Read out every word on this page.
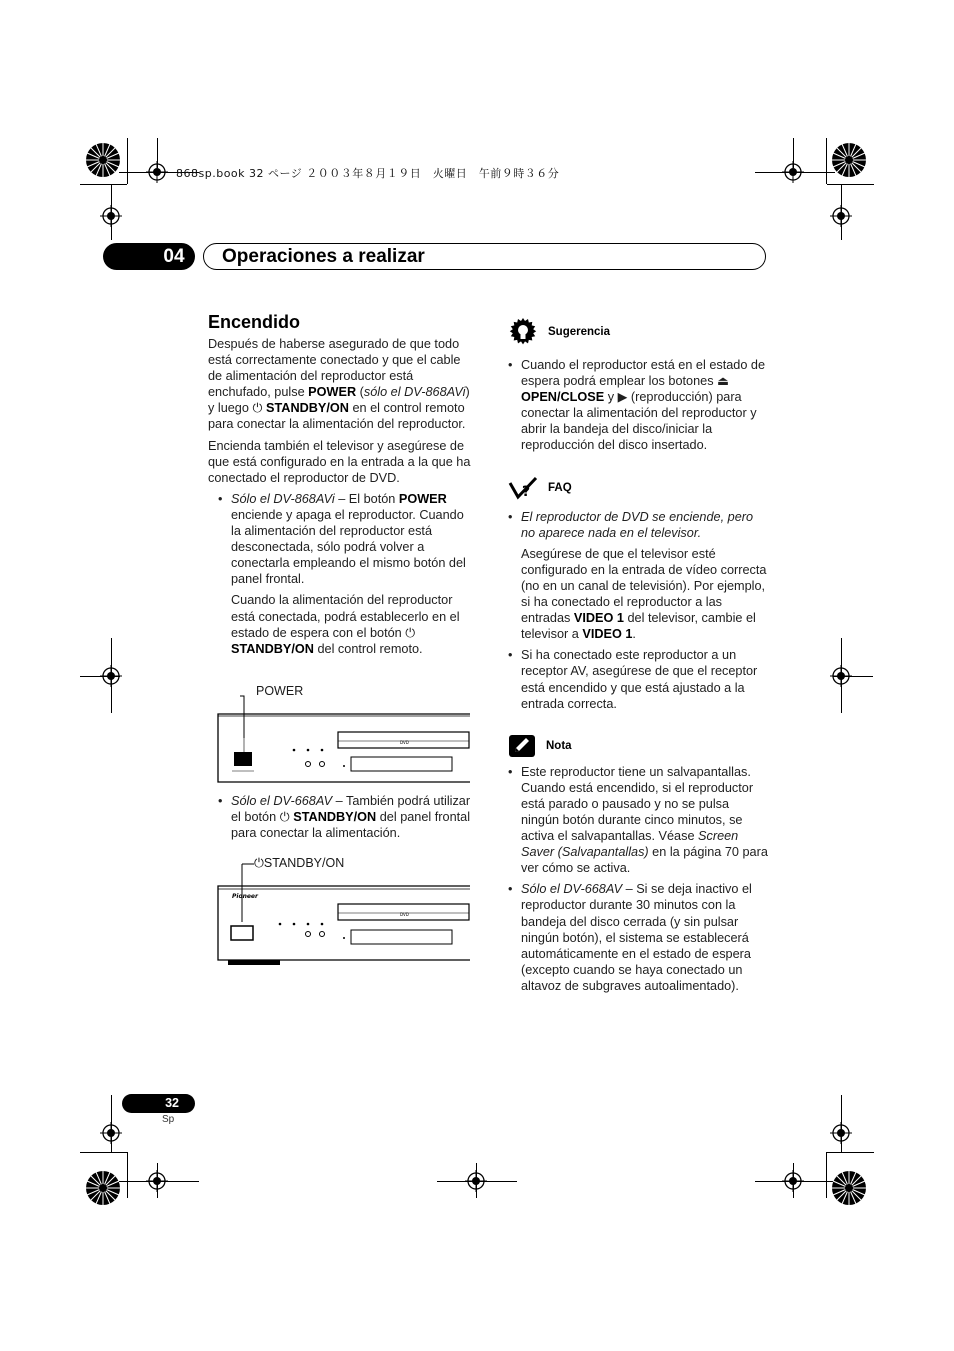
868sp.book 32 ページ ２００３年８月１９日　火曜日　午前９時３６分
04	Operaciones a realizar
Encendido

Después de haberse asegurado de que todo está correctamente conectado y que el cable de alimentación del reproductor está enchufado, pulse POWER (sólo el DV-868AVi) y luego ⏻ STANDBY/ON en el control remoto para conectar la alimentación del reproductor.

Encienda también el televisor y asegúrese de que está configurado en la entrada a la que ha conectado el reproductor de DVD.

• Sólo el DV-868AVi – El botón POWER enciende y apaga el reproductor. Cuando la alimentación del reproductor está desconectada, sólo podrá volver a conectarla empleando el mismo botón del panel frontal.

Cuando la alimentación del reproductor está conectada, podrá establecerlo en el estado de espera con el botón ⏻ STANDBY/ON del control remoto.

POWER
DVD
• Sólo el DV-668AV – También podrá utilizar el botón ⏻ STANDBY/ON del panel frontal para conectar la alimentación.
⏻STANDBY/ON
Pioneer
DVD
Sugerencia
• Cuando el reproductor está en el estado de espera podrá emplear los botones ⏏
OPEN/CLOSE y ▶ (reproducción) para conectar la alimentación del reproductor y abrir la bandeja del disco/iniciar la reproducción del disco insertado.
? FAQ
• El reproductor de DVD se enciende, pero no aparece nada en el televisor.

Asegúrese de que el televisor esté configurado en la entrada de vídeo correcta (no en un canal de televisión). Por ejemplo, si ha conectado el reproductor a las entradas VIDEO 1 del televisor, cambie el televisor a VIDEO 1.

• Si ha conectado este reproductor a un receptor AV, asegúrese de que el receptor está encendido y que está ajustado a la entrada correcta.
Nota
• Este reproductor tiene un salvapantallas. Cuando está encendido, si el reproductor está parado o pausado y no se pulsa ningún botón durante cinco minutos, se activa el salvapantallas. Véase Screen Saver (Salvapantallas) en la página 70 para ver cómo se activa.
• Sólo el DV-668AV – Si se deja inactivo el reproductor durante 30 minutos con la bandeja del disco cerrada (y sin pulsar ningún botón), el sistema se establecerá automáticamente en el estado de espera (excepto cuando se haya conectado un altavoz de subgraves autoalimentado).
32
Sp
